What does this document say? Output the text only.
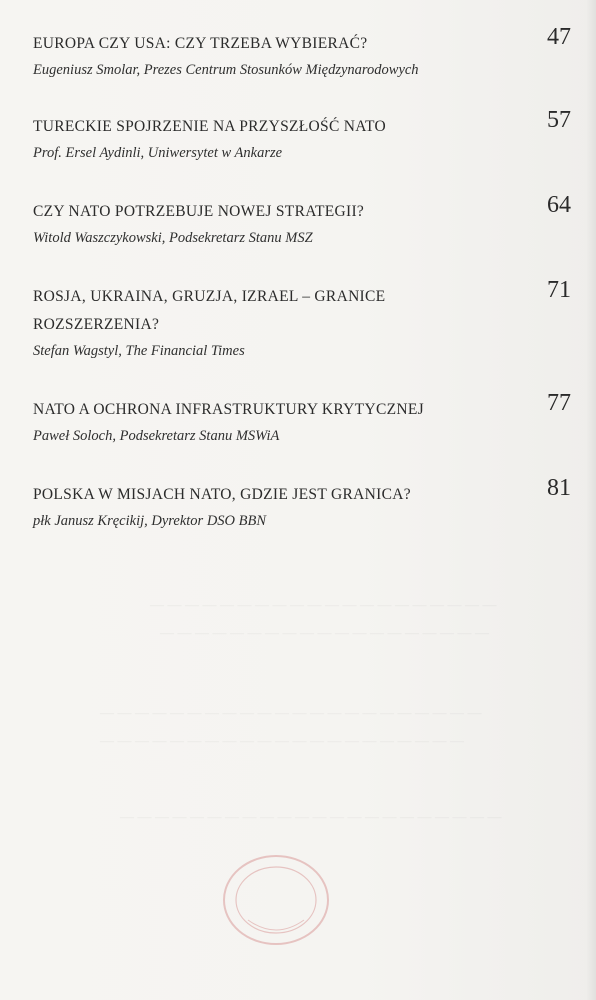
— — — — — — — — — — — — — — — — — — — —
— — — — — — — — — — — — — — — — — — —
— — — — — — — — — — — — — — — — — — — — — —
— — — — — — — — — — — — — — — — — — — — —
— — — — — — — — — — — — — — — — — — — — — —
EUROPA CZY USA: CZY TRZEBA WYBIERAĆ?
Eugeniusz Smolar, Prezes Centrum Stosunków Międzynarodowych
47
TURECKIE SPOJRZENIE NA PRZYSZŁOŚĆ NATO
Prof. Ersel Aydinli, Uniwersytet w Ankarze
57
CZY NATO POTRZEBUJE NOWEJ STRATEGII?
Witold Waszczykowski, Podsekretarz Stanu MSZ
64
ROSJA, UKRAINA, GRUZJA, IZRAEL – GRANICE ROZSZERZENIA?
Stefan Wagstyl, The Financial Times
71
NATO A OCHRONA INFRASTRUKTURY KRYTYCZNEJ
Paweł Soloch, Podsekretarz Stanu MSWiA
77
POLSKA W MISJACH NATO, GDZIE JEST GRANICA?
płk Janusz Kręcikij, Dyrektor DSO BBN
81
